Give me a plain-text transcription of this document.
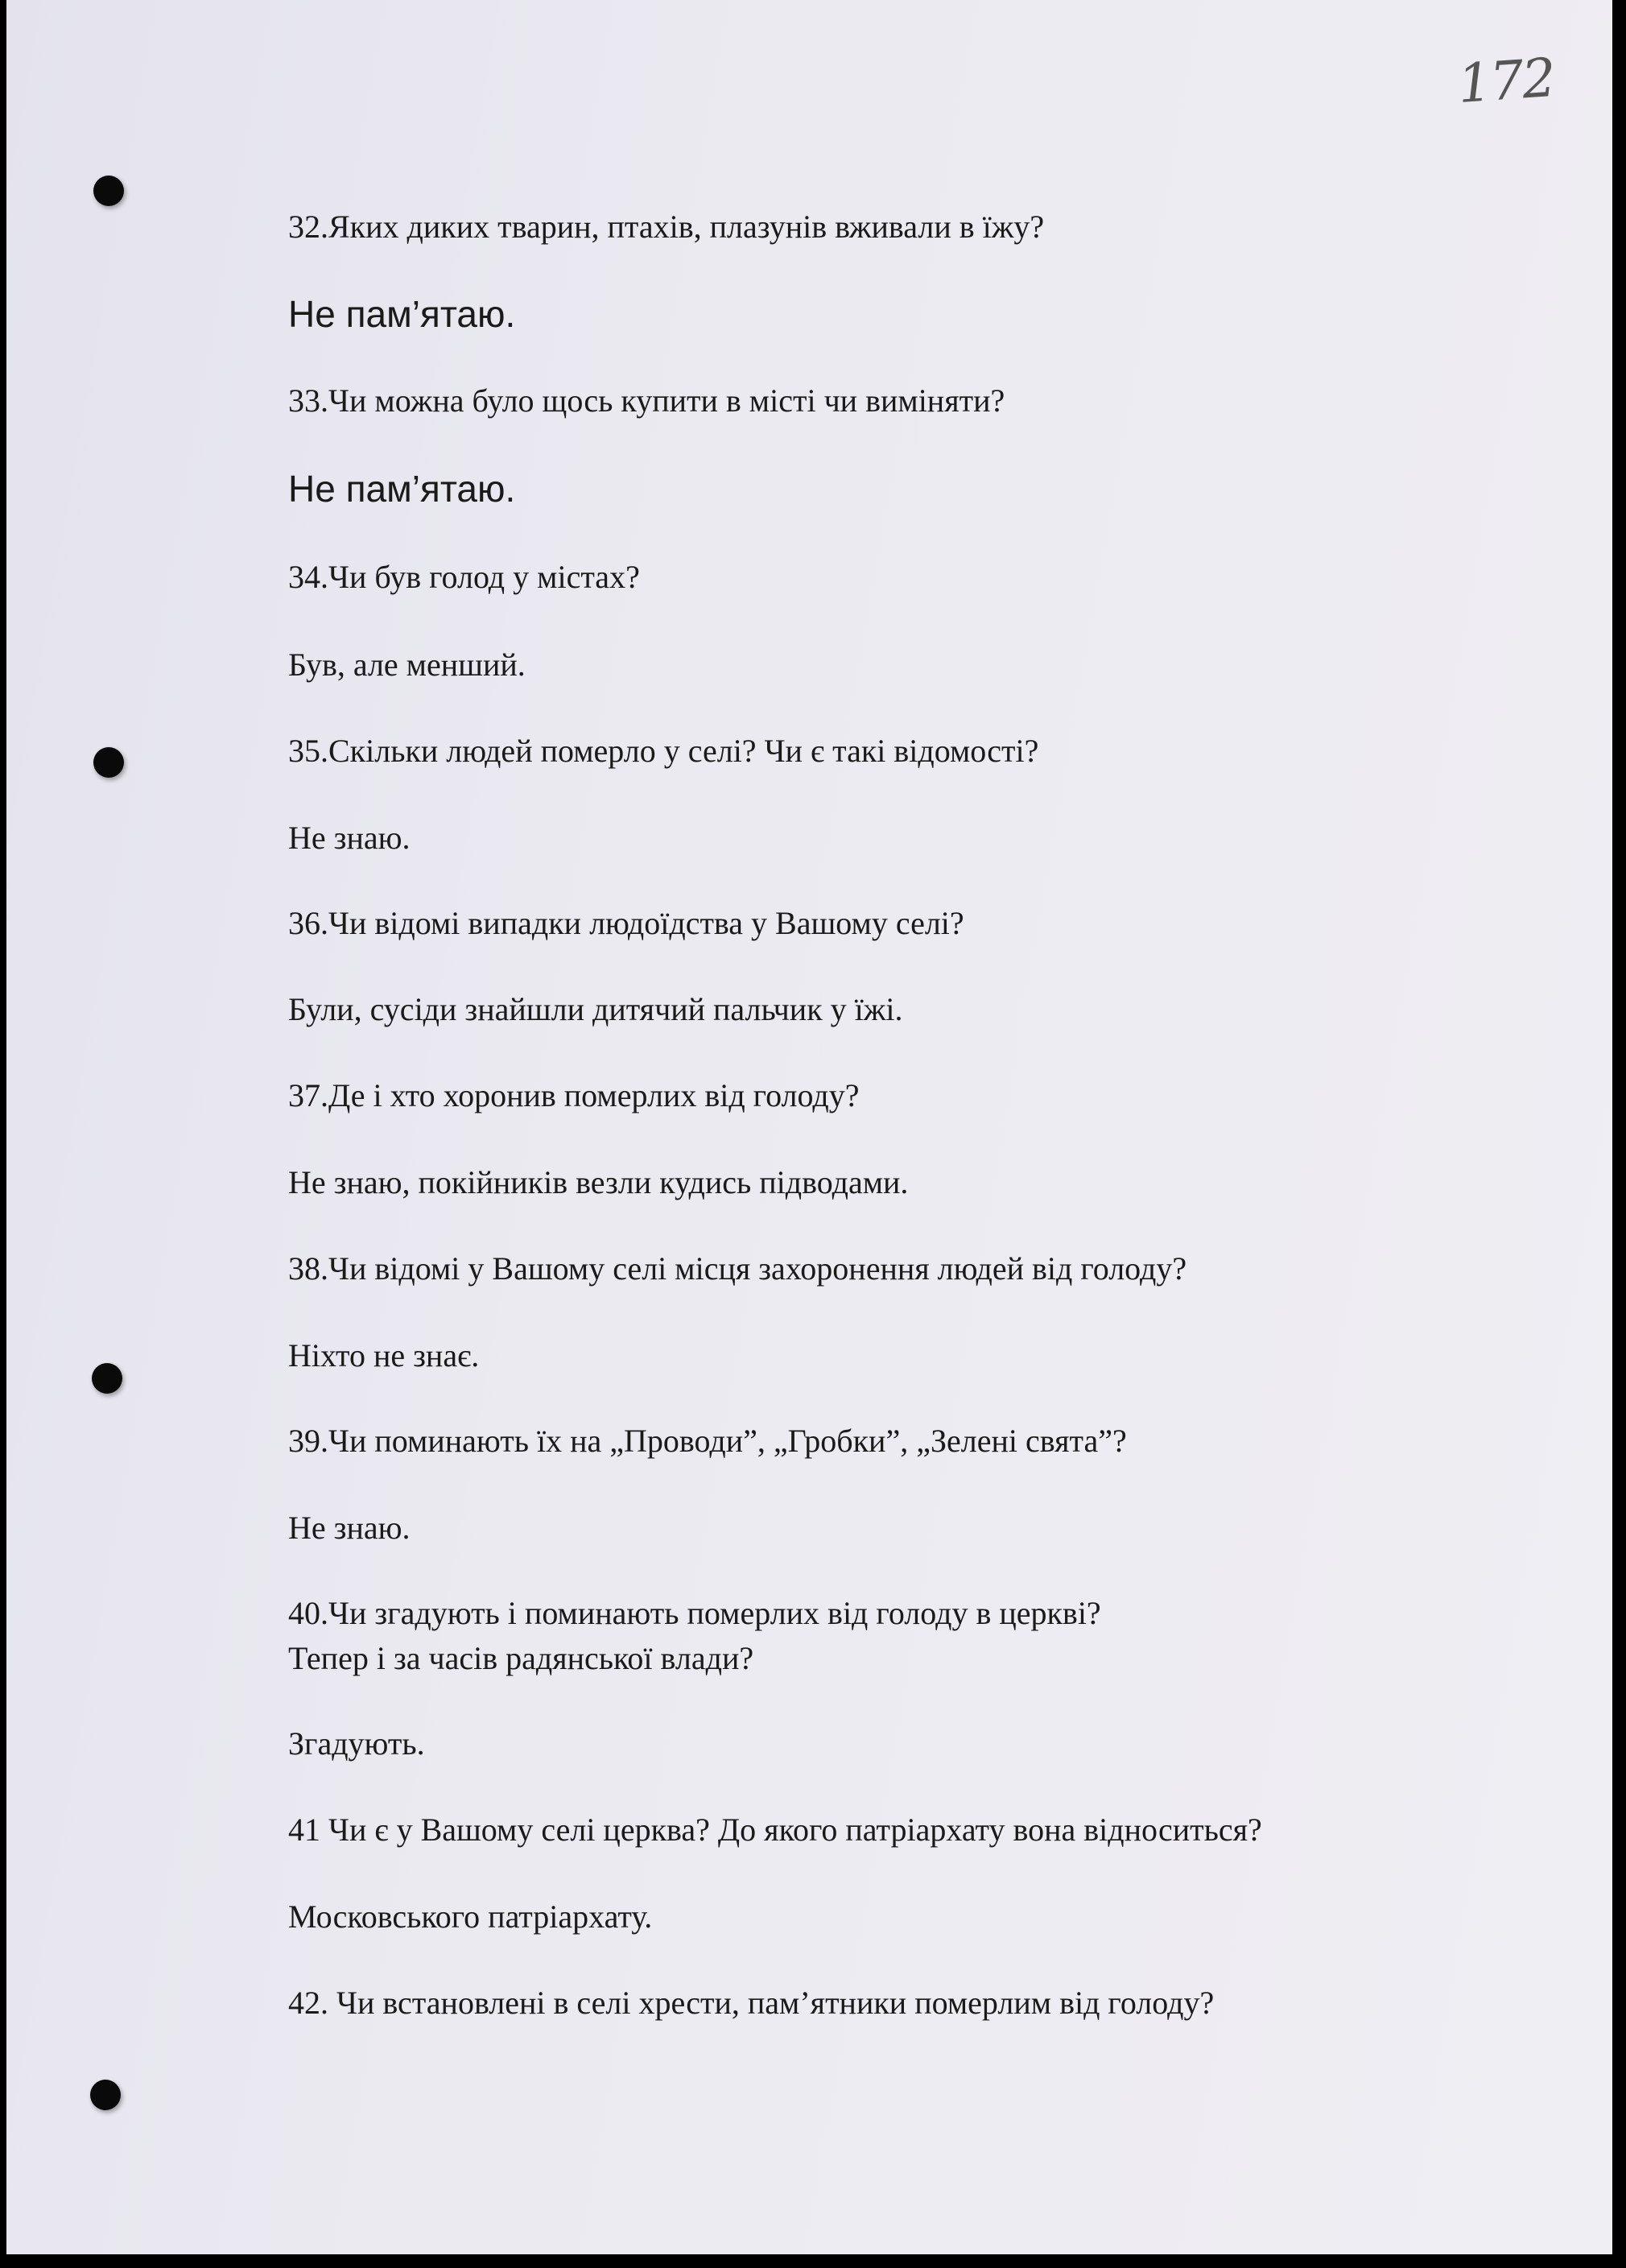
172
32.Яких диких тварин, птахів, плазунів вживали в їжу?
Не пам’ятаю.
33.Чи можна було щось купити в місті чи виміняти?
Не пам’ятаю.
34.Чи був голод у містах?
Був, але менший.
35.Скільки людей померло у селі? Чи є такі відомості?
Не знаю.
36.Чи відомі випадки людоїдства у Вашому селі?
Були, сусіди знайшли дитячий пальчик у їжі.
37.Де і хто хоронив померлих від голоду?
Не знаю, покійників везли кудись підводами.
38.Чи відомі у Вашому селі місця захоронення людей від голоду?
Ніхто не знає.
39.Чи поминають їх на „Проводи”, „Гробки”, „Зелені свята”?
Не знаю.
40.Чи згадують і поминають померлих від голоду в церкві?
Тепер і за часів радянської влади?
Згадують.
41 Чи є у Вашому селі церква? До якого патріархату вона відноситься?
Московського патріархату.
42. Чи встановлені в селі хрести, пам’ятники померлим від голоду?
